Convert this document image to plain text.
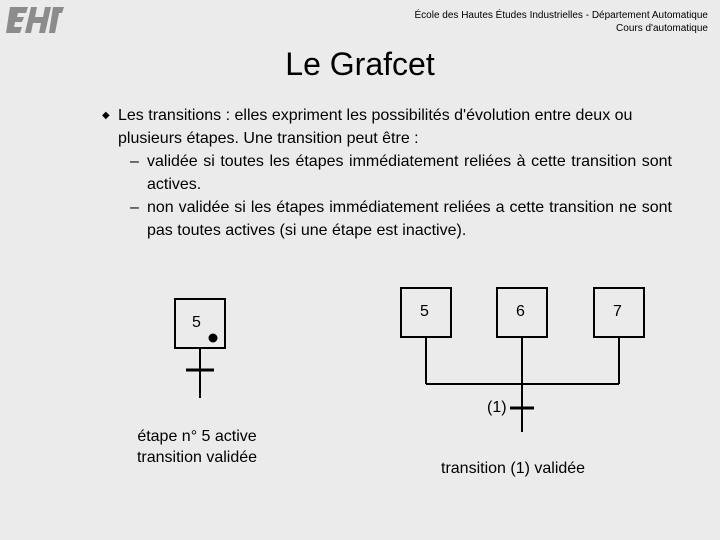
École des Hautes Études Industrielles - Département Automatique
Cours d'automatique
Le Grafcet
◆ Les transitions : elles expriment les possibilités d'évolution entre deux ou plusieurs étapes. Une transition peut être :
– validée si toutes les étapes immédiatement reliées à cette transition sont actives.
– non validée si les étapes immédiatement reliées a cette transition ne sont pas toutes actives (si une étape est inactive).
5
étape n° 5 active
transition validée
5	6	7
(1)
transition (1) validée
